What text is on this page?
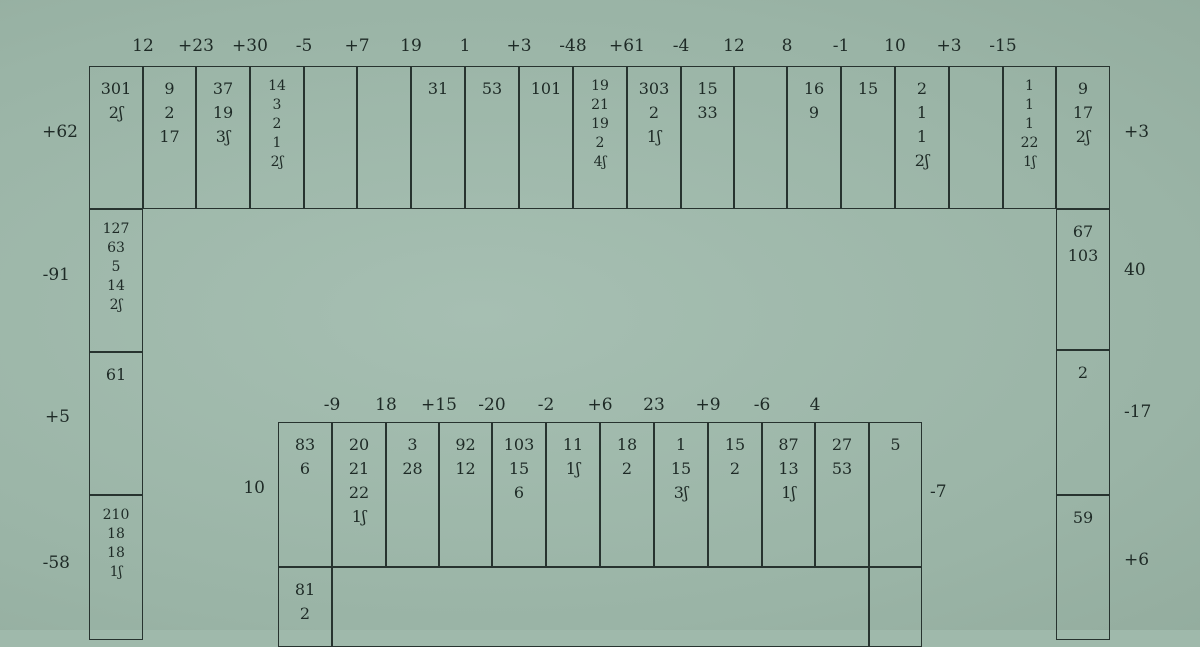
301
2ʃ
9
2
17
37
19
3ʃ
14
3
2
1
2ʃ
31 53 101 19
21
19
2
4ʃ
303
2
1ʃ
15
33
16
9
15 2
1
1
2ʃ
1
1
1
22
1ʃ
9
17
2ʃ
12 +23 +30 -5 +7 19 1 +3 -48 +61 -4 12 8 -1 10 +3 -15
+62	+3
127
63
5
14
2ʃ
61
210
18
18
1ʃ
-91
+5
-58
67
103
2
59
40
-17
+6
83
6
20
21
22
1ʃ
3
28
92
12
103
15
6
11
1ʃ
18
2
1
15
3ʃ
15
2
87
13
1ʃ
27
53
5
-9 18 +15 -20 -2 +6 23 +9 -6 4
10	-7
81
2
